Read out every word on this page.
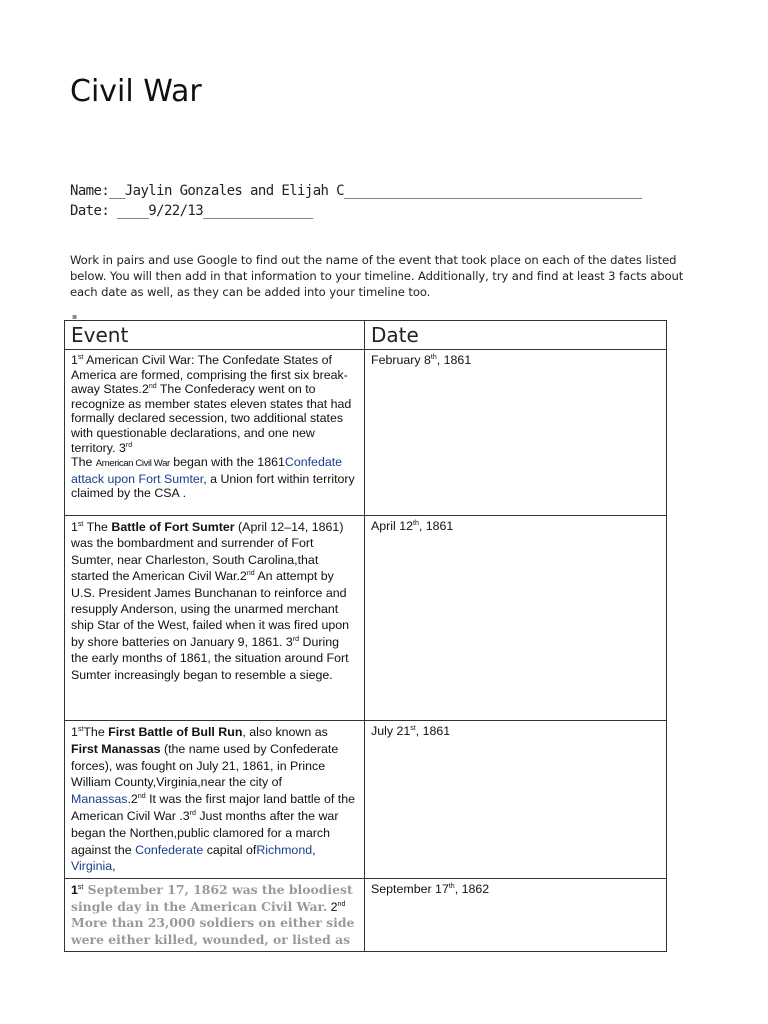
Civil War
Name:__Jaylin Gonzales and Elijah C______________________________________ Date: ____9/22/13______________
Work in pairs and use Google to find out the name of the event that took place on each of the dates listed below. You will then add in that information to your timeline. Additionally, try and find at least 3 facts about each date as well, as they can be added into your timeline too.
▪
Event	Date
1st American Civil War: The Confedate States of America are formed, comprising the first six break-away States.2nd The Confederacy went on to recognize as member states eleven states that had formally declared secession, two additional states with questionable declarations, and one new territory. 3rd
The American Civil War began with the 1861Confedate attack upon Fort Sumter, a Union fort within territory claimed by the CSA .	February 8th, 1861
1st The Battle of Fort Sumter (April 12–14, 1861) was the bombardment and surrender of Fort Sumter, near Charleston, South Carolina,that started the American Civil War.2nd An attempt by U.S. President James Bunchanan to reinforce and resupply Anderson, using the unarmed merchant ship Star of the West, failed when it was fired upon by shore batteries on January 9, 1861. 3rd During the early months of 1861, the situation around Fort Sumter increasingly began to resemble a siege.	April 12th, 1861
1stThe First Battle of Bull Run, also known as First Manassas (the name used by Confederate forces), was fought on July 21, 1861, in Prince William County,Virginia,near the city of Manassas.2nd It was the first major land battle of the American Civil War .3rd Just months after the war began the Northen,public clamored for a march against the Confederate capital ofRichmond, Virginia,	July 21st, 1861

1st September 17, 1862 was the bloodiest single day in the American Civil War. 2nd More than 23,000 soldiers on either side were either killed, wounded, or listed as	September 17th, 1862
